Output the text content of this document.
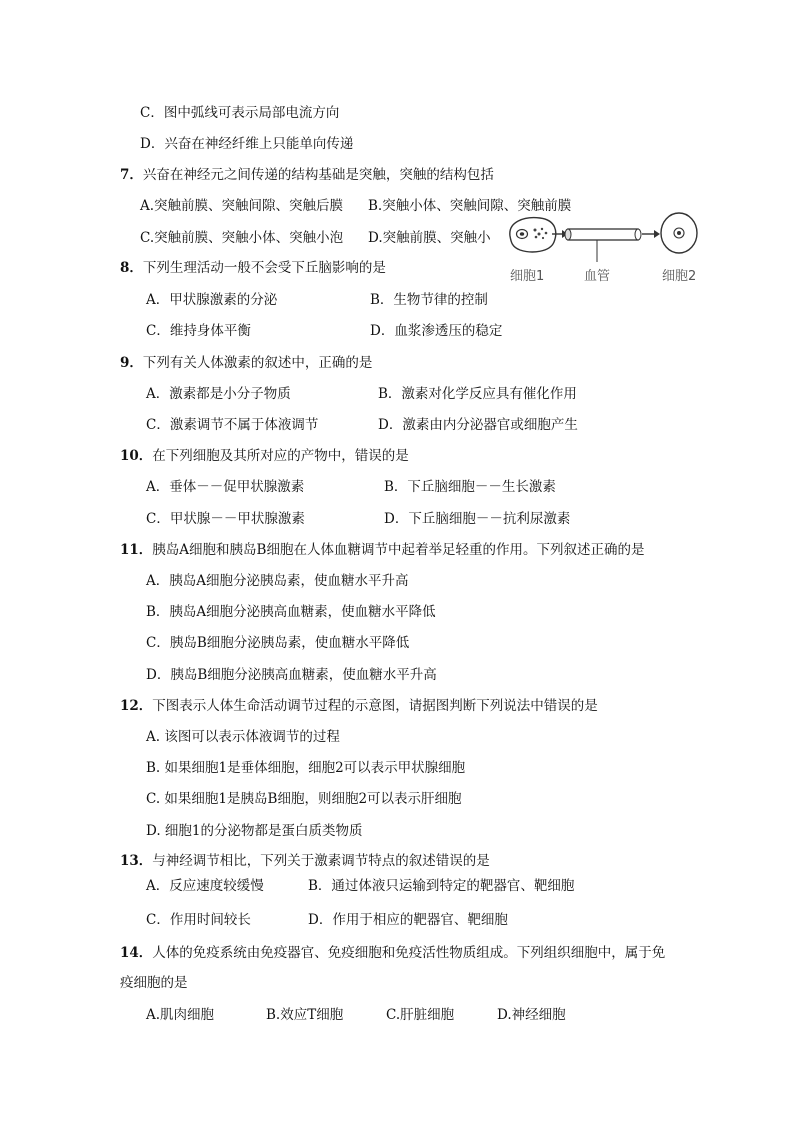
C．图中弧线可表示局部电流方向
D．兴奋在神经纤维上只能单向传递
7．兴奋在神经元之间传递的结构基础是突触，突触的结构包括
A.突触前膜、突触间隙、突触后膜 B.突触小体、突触间隙、突触前膜
C.突触前膜、突触小体、突触小泡 D.突触前膜、突触小
细胞1	血管	细胞2
8．下列生理活动一般不会受下丘脑影响的是
A．甲状腺激素的分泌	B．生物节律的控制
C．维持身体平衡	D．血浆渗透压的稳定
9．下列有关人体激素的叙述中，正确的是
A．激素都是小分子物质	B．激素对化学反应具有催化作用
C．激素调节不属于体液调节	D．激素由内分泌器官或细胞产生
10．在下列细胞及其所对应的产物中，错误的是
A．垂体－－促甲状腺激素	B．下丘脑细胞－－生长激素
C．甲状腺－－甲状腺激素	D．下丘脑细胞－－抗利尿激素
11．胰岛A细胞和胰岛B细胞在人体血糖调节中起着举足轻重的作用。下列叙述正确的是
A．胰岛A细胞分泌胰岛素，使血糖水平升高
B．胰岛A细胞分泌胰高血糖素，使血糖水平降低
C．胰岛B细胞分泌胰岛素，使血糖水平降低
D．胰岛B细胞分泌胰高血糖素，使血糖水平升高
12．下图表示人体生命活动调节过程的示意图，请据图判断下列说法中错误的是
A. 该图可以表示体液调节的过程
B. 如果细胞1是垂体细胞，细胞2可以表示甲状腺细胞
C. 如果细胞1是胰岛B细胞，则细胞2可以表示肝细胞
D. 细胞1的分泌物都是蛋白质类物质
13．与神经调节相比，下列关于激素调节特点的叙述错误的是
A．反应速度较缓慢	B．通过体液只运输到特定的靶器官、靶细胞
C．作用时间较长	D．作用于相应的靶器官、靶细胞
14．人体的免疫系统由免疫器官、免疫细胞和免疫活性物质组成。下列组织细胞中，属于免
疫细胞的是
A.肌肉细胞	B.效应T细胞	C.肝脏细胞	D.神经细胞
